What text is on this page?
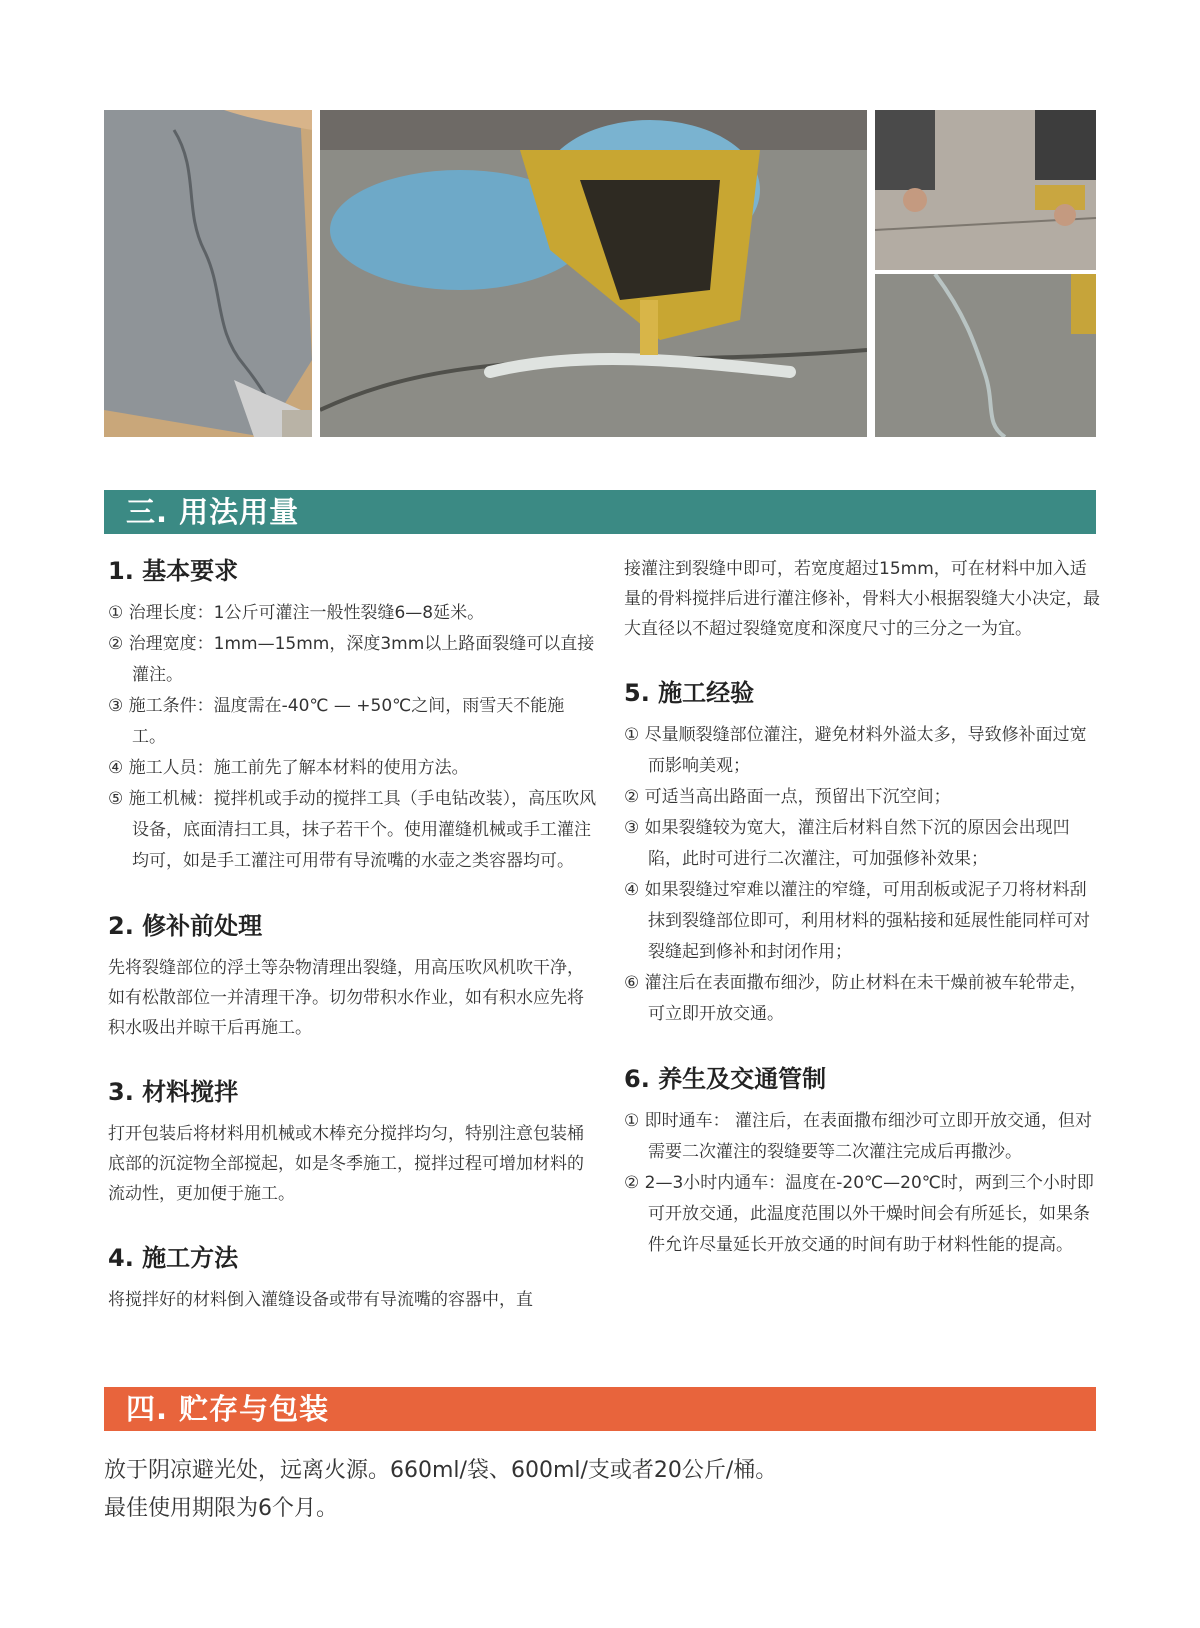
三. 用法用量
1. 基本要求

① 治理长度：1公斤可灌注一般性裂缝6—8延米。

② 治理宽度：1mm—15mm，深度3mm以上路面裂缝可以直接灌注。

③ 施工条件：温度需在-40℃ — +50℃之间，雨雪天不能施工。

④ 施工人员：施工前先了解本材料的使用方法。

⑤ 施工机械：搅拌机或手动的搅拌工具（手电钻改装），高压吹风设备，底面清扫工具，抹子若干个。使用灌缝机械或手工灌注均可，如是手工灌注可用带有导流嘴的水壶之类容器均可。

2. 修补前处理

先将裂缝部位的浮土等杂物清理出裂缝，用高压吹风机吹干净，如有松散部位一并清理干净。切勿带积水作业，如有积水应先将积水吸出并晾干后再施工。

3. 材料搅拌

打开包装后将材料用机械或木棒充分搅拌均匀，特别注意包装桶底部的沉淀物全部搅起，如是冬季施工，搅拌过程可增加材料的流动性，更加便于施工。

4. 施工方法

将搅拌好的材料倒入灌缝设备或带有导流嘴的容器中，直

接灌注到裂缝中即可，若宽度超过15mm，可在材料中加入适量的骨料搅拌后进行灌注修补，骨料大小根据裂缝大小决定，最大直径以不超过裂缝宽度和深度尺寸的三分之一为宜。

5. 施工经验

① 尽量顺裂缝部位灌注，避免材料外溢太多，导致修补面过宽而影响美观；

② 可适当高出路面一点，预留出下沉空间；

③ 如果裂缝较为宽大，灌注后材料自然下沉的原因会出现凹陷，此时可进行二次灌注，可加强修补效果；

④ 如果裂缝过窄难以灌注的窄缝，可用刮板或泥子刀将材料刮抹到裂缝部位即可，利用材料的强粘接和延展性能同样可对裂缝起到修补和封闭作用；

⑥ 灌注后在表面撒布细沙，防止材料在未干燥前被车轮带走，可立即开放交通。

6. 养生及交通管制

① 即时通车： 灌注后，在表面撒布细沙可立即开放交通，但对需要二次灌注的裂缝要等二次灌注完成后再撒沙。

② 2—3小时内通车：温度在-20℃—20℃时，两到三个小时即可开放交通，此温度范围以外干燥时间会有所延长，如果条件允许尽量延长开放交通的时间有助于材料性能的提高。

四. 贮存与包装

放于阴凉避光处，远离火源。660ml/袋、600ml/支或者20公斤/桶。

最佳使用期限为6个月。
